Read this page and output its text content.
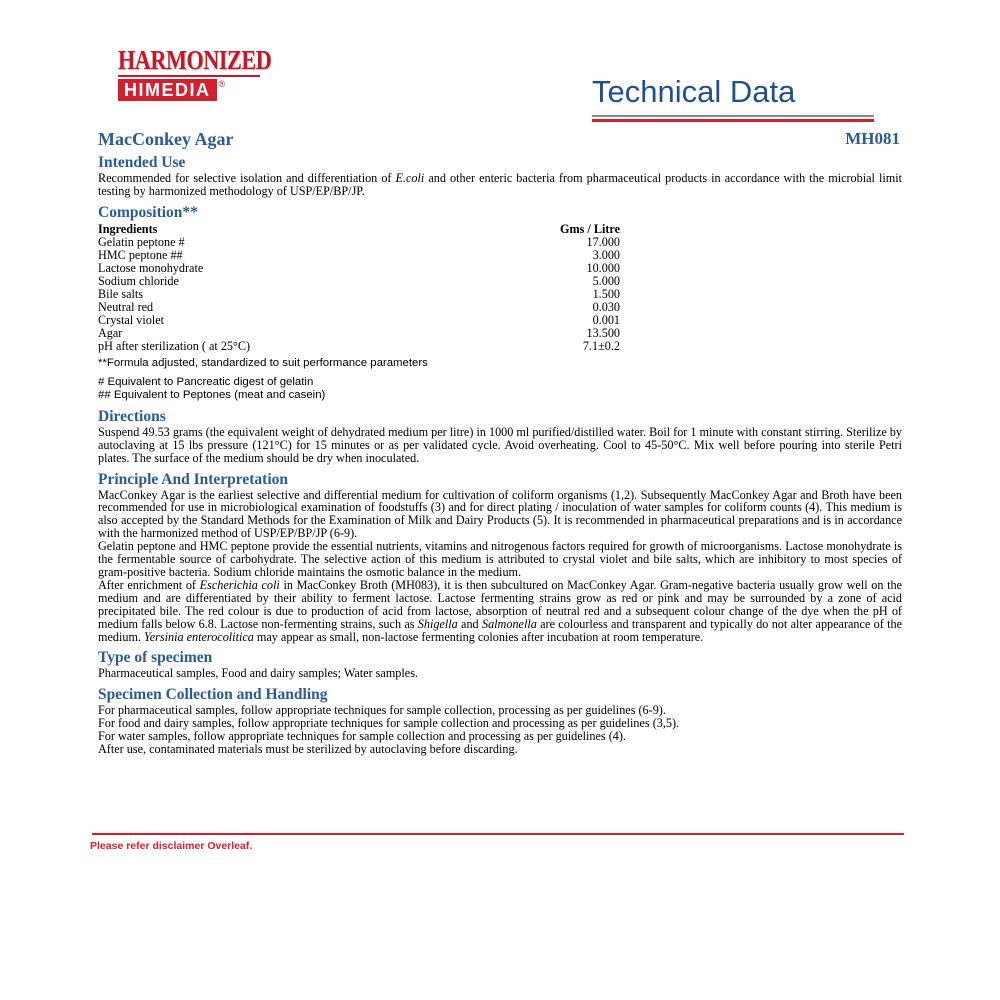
HARMONIZED
HIMEDIA ®	Technical Data
MacConkey Agar	MH081
Intended Use

Recommended for selective isolation and differentiation of E.coli and other enteric bacteria from pharmaceutical products in accordance with the microbial limit testing by harmonized methodology of USP/EP/BP/JP.

Composition**
Ingredients	Gms / Litre
Gelatin peptone #	17.000
HMC peptone ##	3.000
Lactose monohydrate	10.000
Sodium chloride	5.000
Bile salts	1.500
Neutral red	0.030
Crystal violet	0.001
Agar	13.500
pH after sterilization ( at 25°C)	7.1±0.2

**Formula adjusted, standardized to suit performance parameters

# Equivalent to Pancreatic digest of gelatin

## Equivalent to Peptones (meat and casein)

Directions

Suspend 49.53 grams (the equivalent weight of dehydrated medium per litre) in 1000 ml purified/distilled water. Boil for 1 minute with constant stirring. Sterilize by autoclaving at 15 lbs pressure (121°C) for 15 minutes or as per validated cycle. Avoid overheating. Cool to 45-50°C. Mix well before pouring into sterile Petri plates. The surface of the medium should be dry when inoculated.

Principle And Interpretation

MacConkey Agar is the earliest selective and differential medium for cultivation of coliform organisms (1,2). Subsequently MacConkey Agar and Broth have been recommended for use in microbiological examination of foodstuffs (3) and for direct plating / inoculation of water samples for coliform counts (4). This medium is also accepted by the Standard Methods for the Examination of Milk and Dairy Products (5). It is recommended in pharmaceutical preparations and is in accordance with the harmonized method of USP/EP/BP/JP (6-9).

Gelatin peptone and HMC peptone provide the essential nutrients, vitamins and nitrogenous factors required for growth of microorganisms. Lactose monohydrate is the fermentable source of carbohydrate. The selective action of this medium is attributed to crystal violet and bile salts, which are inhibitory to most species of gram-positive bacteria. Sodium chloride maintains the osmotic balance in the medium.

After enrichment of Escherichia coli in MacConkey Broth (MH083), it is then subcultured on MacConkey Agar. Gram-negative bacteria usually grow well on the medium and are differentiated by their ability to ferment lactose. Lactose fermenting strains grow as red or pink and may be surrounded by a zone of acid precipitated bile. The red colour is due to production of acid from lactose, absorption of neutral red and a subsequent colour change of the dye when the pH of medium falls below 6.8. Lactose non-fermenting strains, such as Shigella and Salmonella are colourless and transparent and typically do not alter appearance of the medium. Yersinia enterocolitica may appear as small, non-lactose fermenting colonies after incubation at room temperature.

Type of specimen

Pharmaceutical samples, Food and dairy samples; Water samples.

Specimen Collection and Handling

For pharmaceutical samples, follow appropriate techniques for sample collection, processing as per guidelines (6-9).

For food and dairy samples, follow appropriate techniques for sample collection and processing as per guidelines (3,5).

For water samples, follow appropriate techniques for sample collection and processing as per guidelines (4).

After use, contaminated materials must be sterilized by autoclaving before discarding.

Please refer disclaimer Overleaf.
